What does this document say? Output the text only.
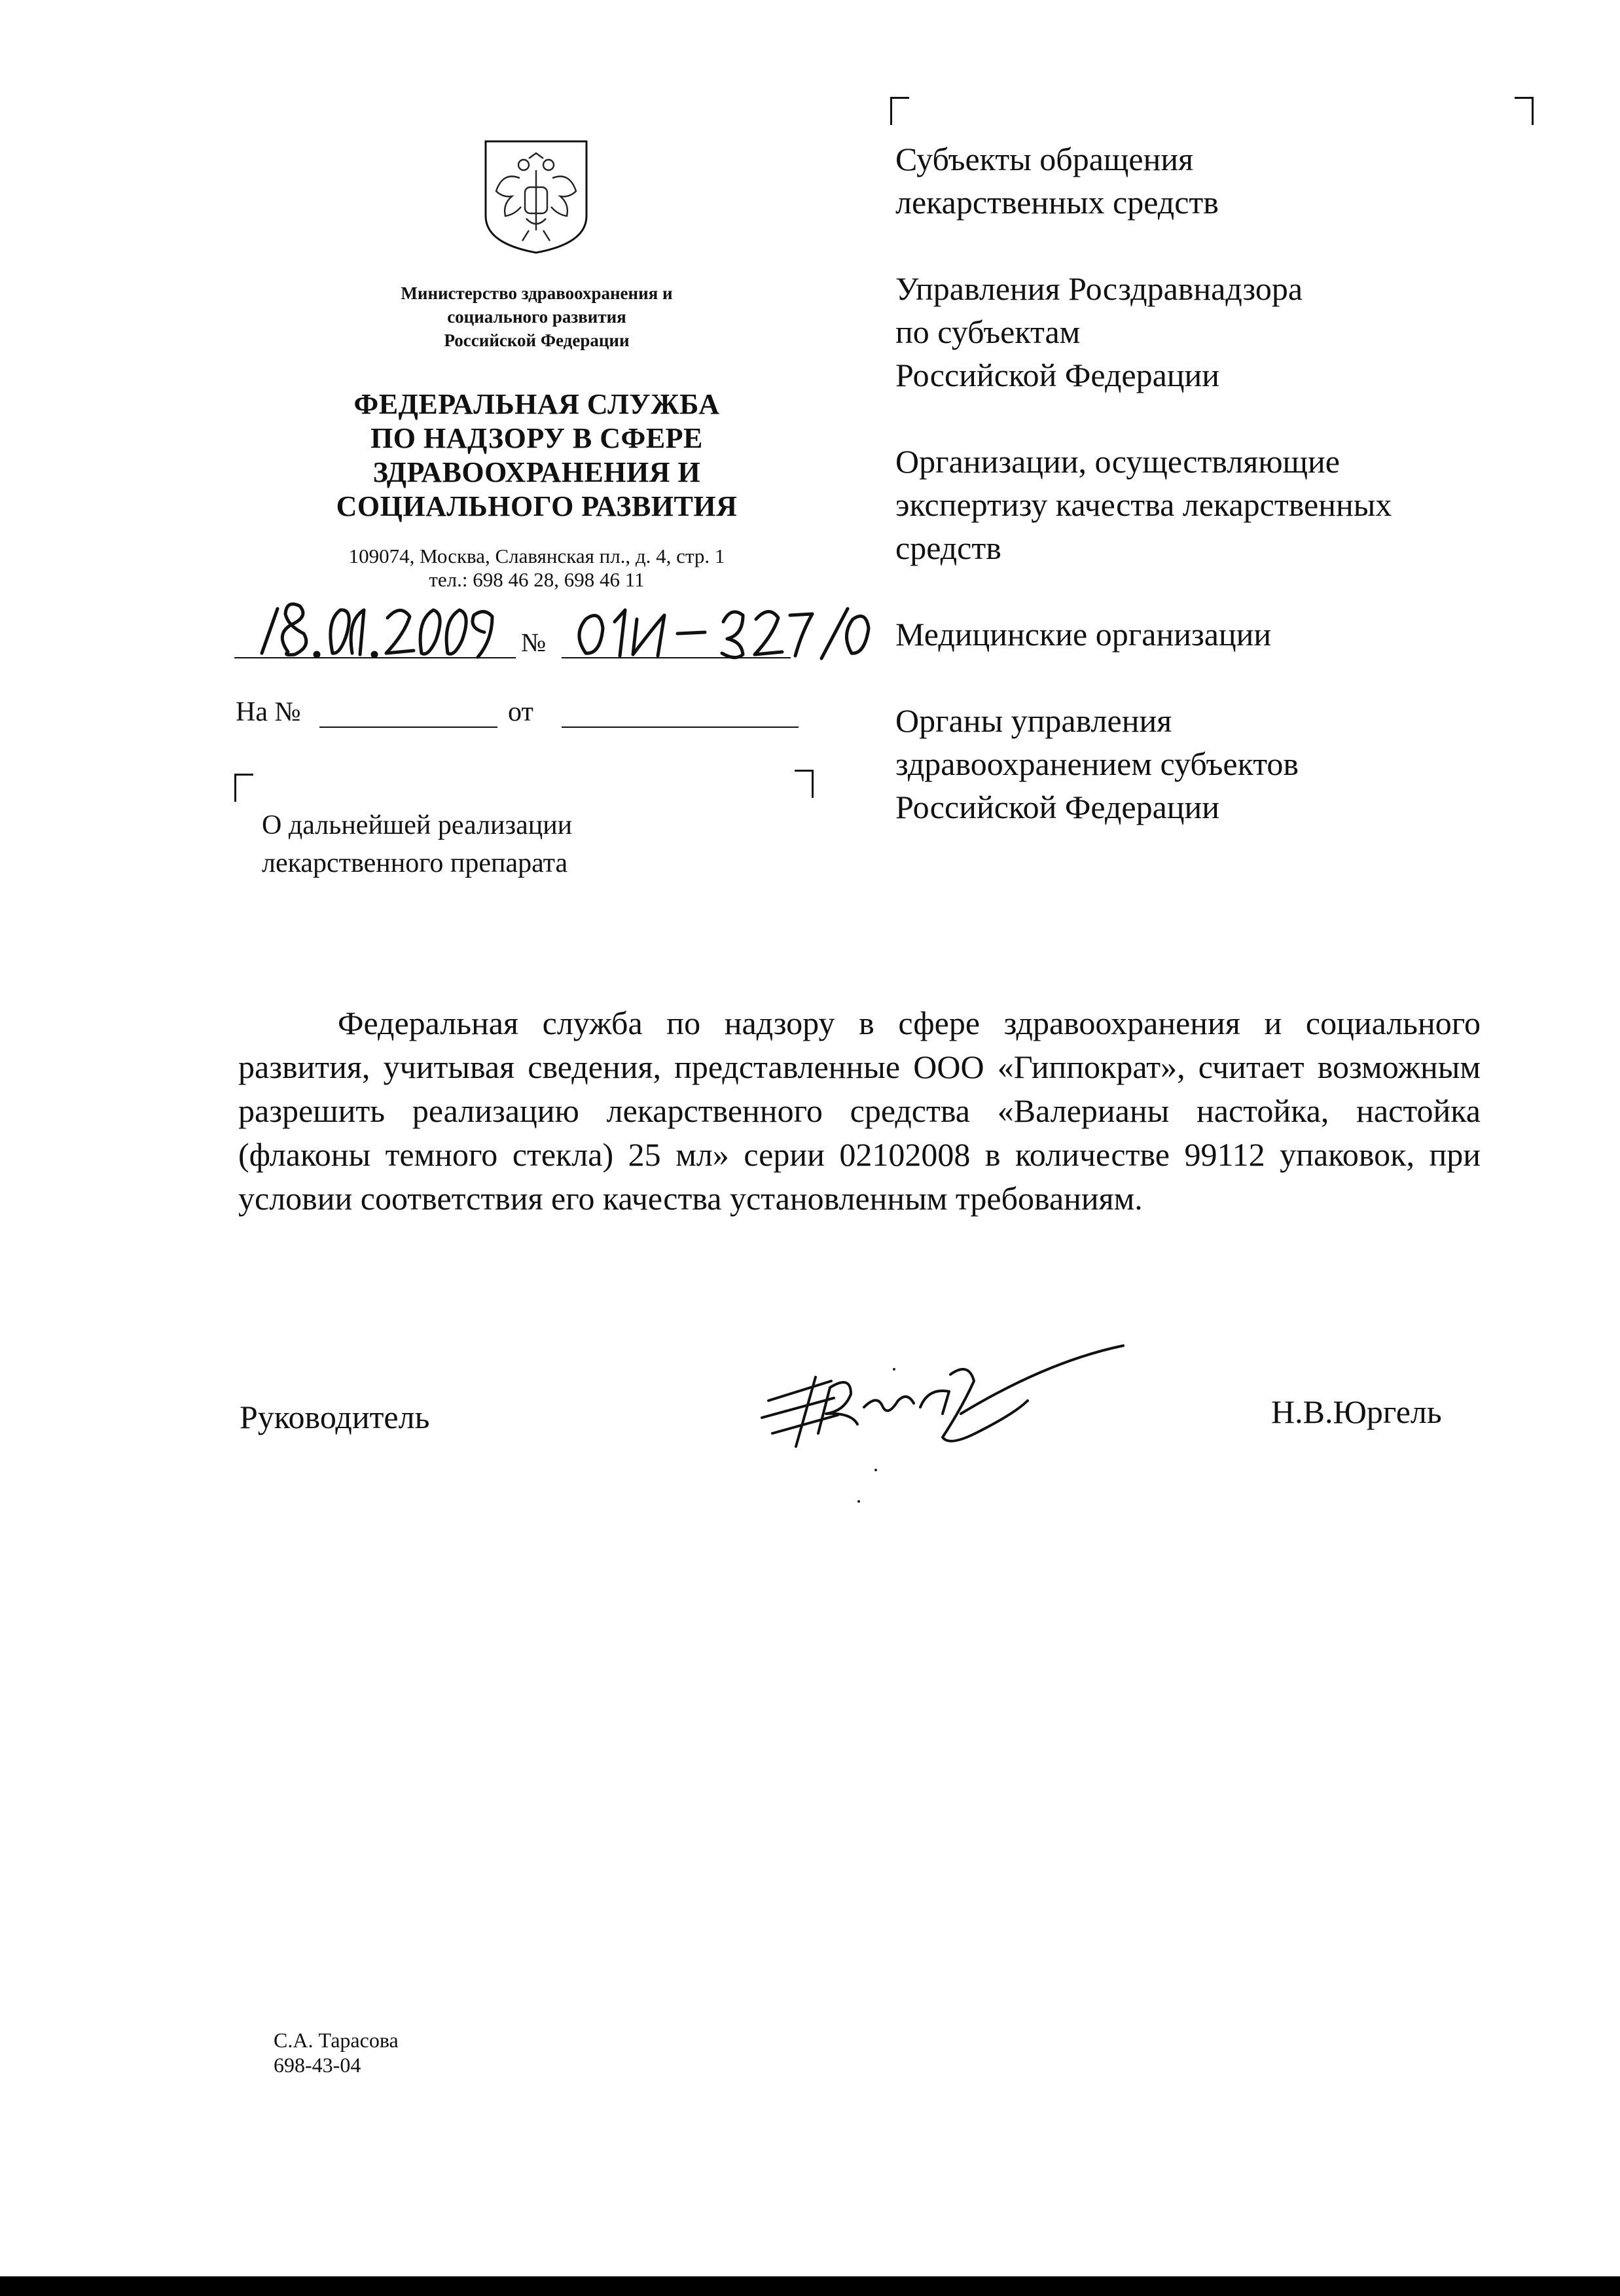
Министерство здравоохранения и
социального развития
Российской Федерации
ФЕДЕРАЛЬНАЯ СЛУЖБА
ПО НАДЗОРУ В СФЕРЕ
ЗДРАВООХРАНЕНИЯ И
СОЦИАЛЬНОГО РАЗВИТИЯ
109074, Москва, Славянская пл., д. 4, стр. 1
тел.: 698 46 28, 698 46 11
№
На №	от
О дальнейшей реализации
лекарственного препарата
Субъекты обращения
лекарственных средств
Управления Росздравнадзора
по субъектам
Российской Федерации
Организации, осуществляющие
экспертизу качества лекарственных
средств
Медицинские организации
Органы управления
здравоохранением субъектов
Российской Федерации
Федеральная служба по надзору в сфере здравоохранения и социального развития, учитывая сведения, представленные ООО «Гиппократ», считает возможным разрешить реализацию лекарственного средства «Валерианы настойка, настойка (флаконы темного стекла) 25 мл» серии 02102008 в количестве 99112 упаковок, при условии соответствия его качества установленным требованиям.
Руководитель	Н.В.Юргель
С.А. Тарасова
698-43-04
